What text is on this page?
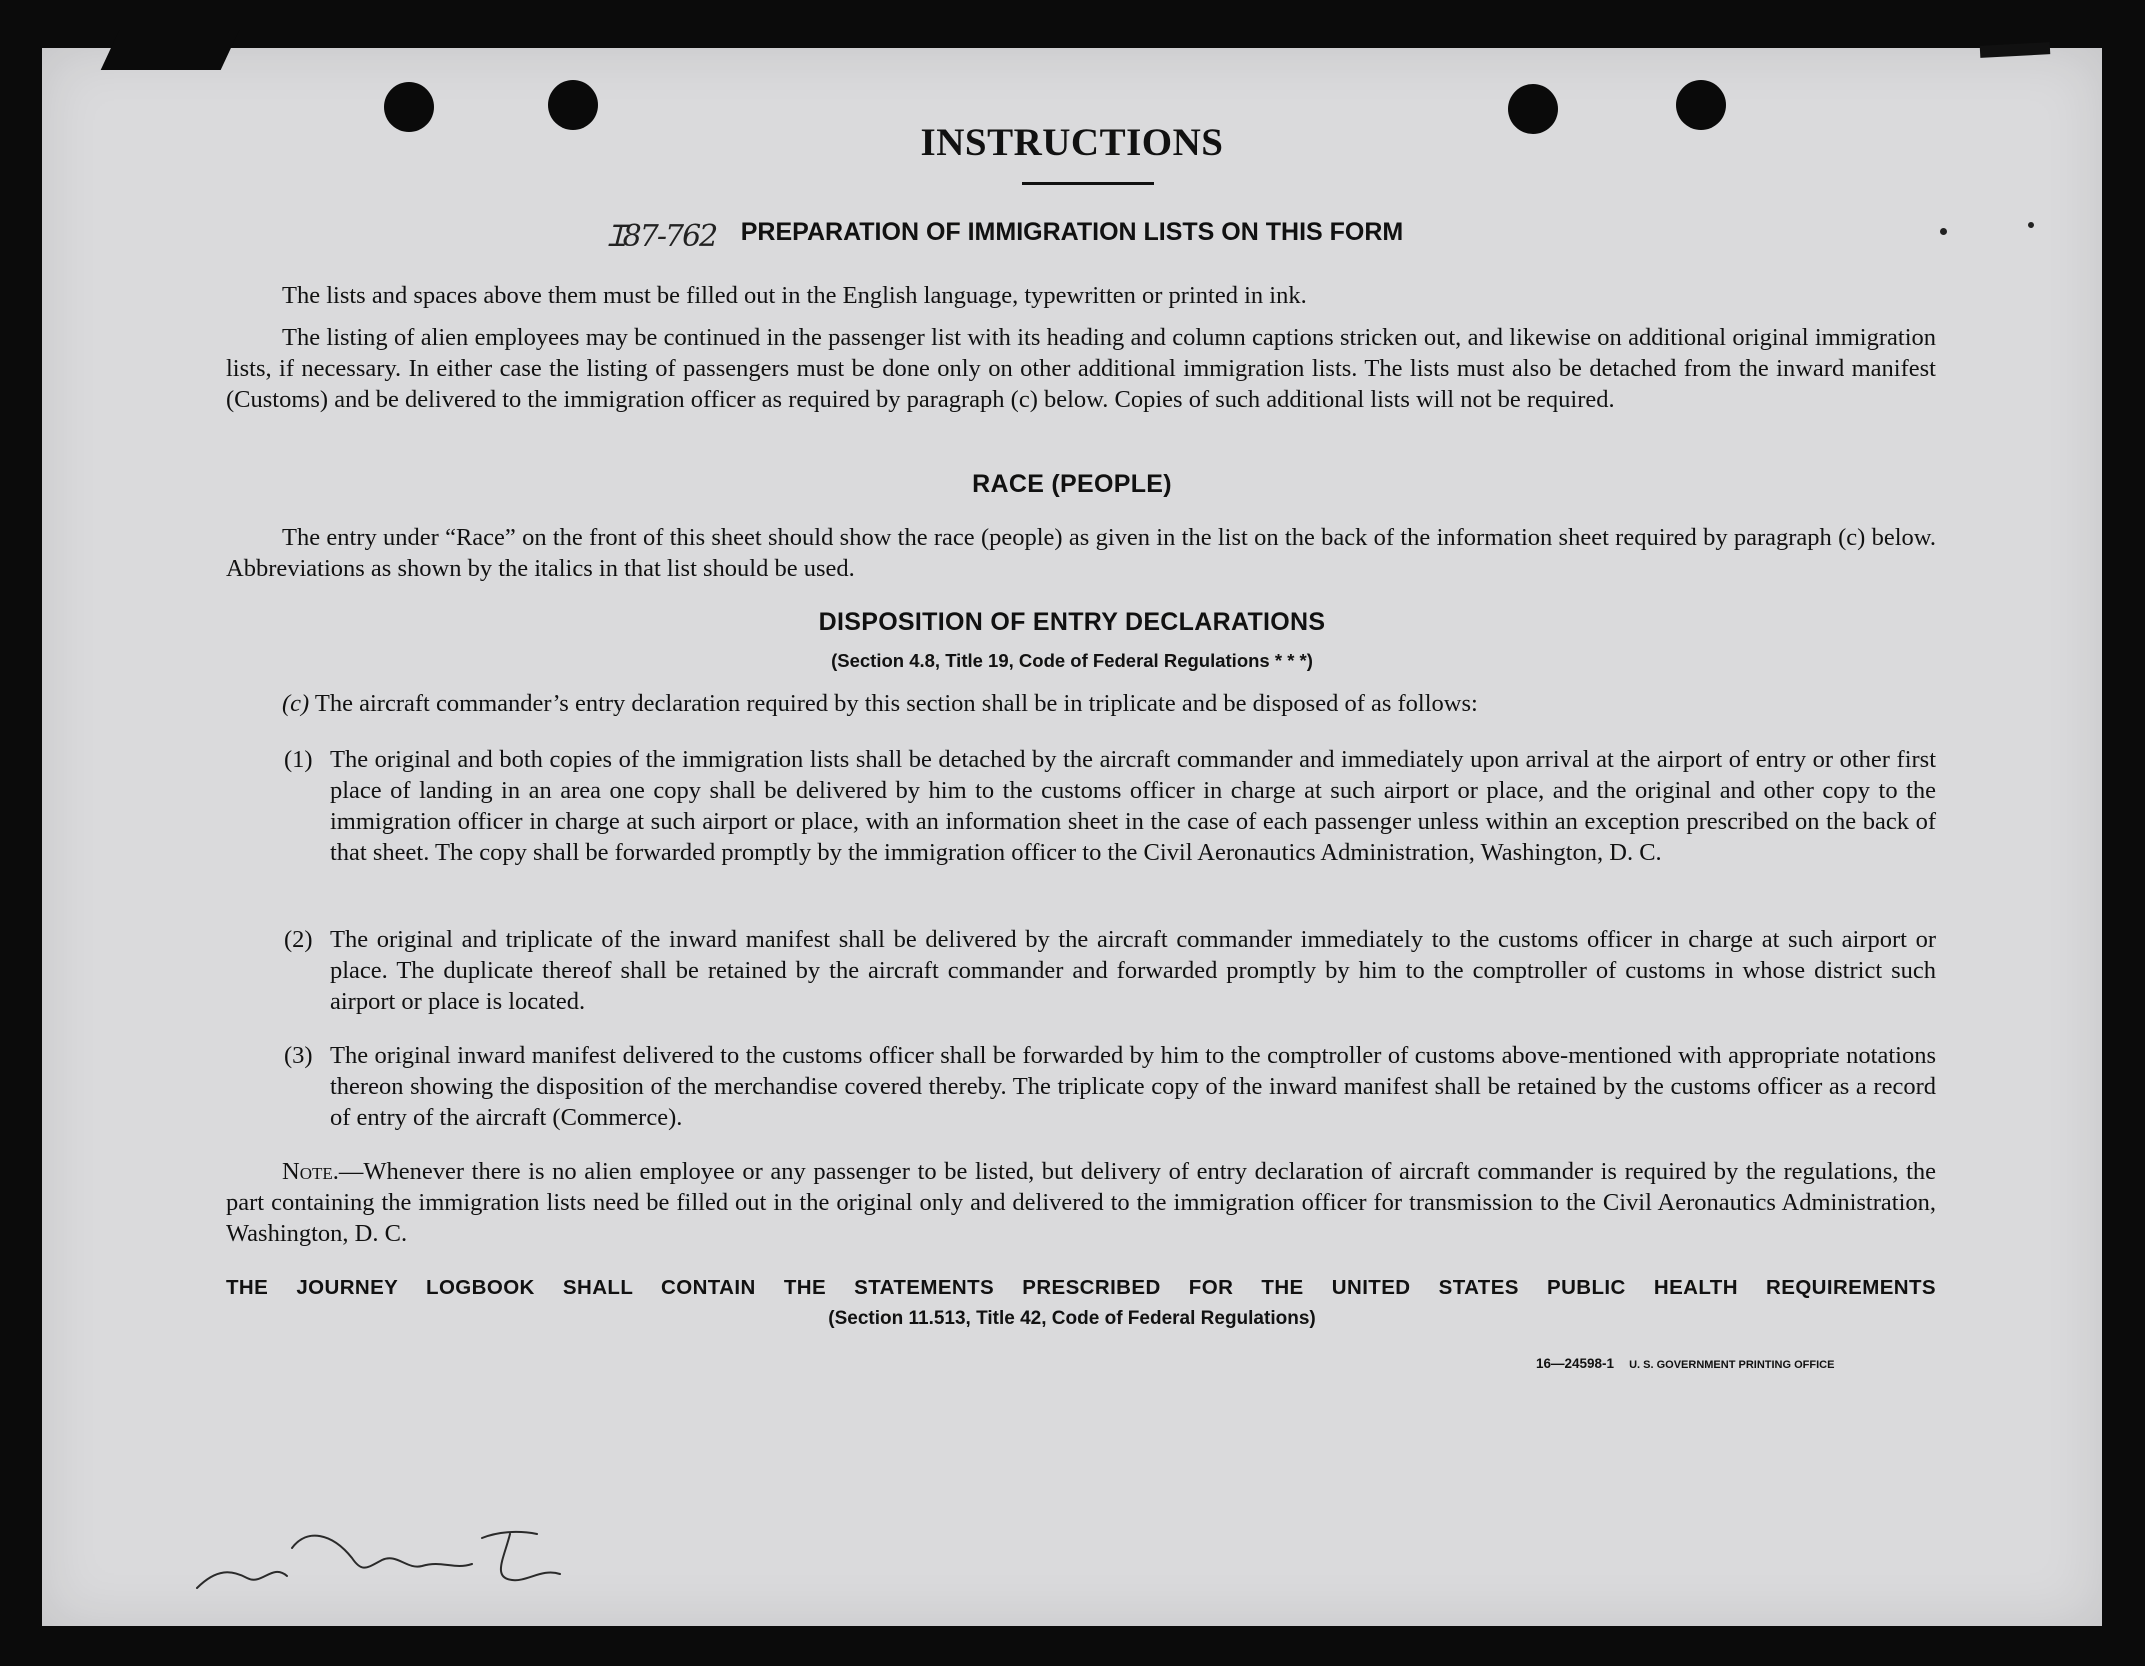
INSTRUCTIONS
Ɪ87-762 PREPARATION OF IMMIGRATION LISTS ON THIS FORM
The lists and spaces above them must be filled out in the English language, typewritten or printed in ink.
The listing of alien employees may be continued in the passenger list with its heading and column captions stricken out, and likewise on additional original immigration lists, if necessary. In either case the listing of passengers must be done only on other additional immigration lists. The lists must also be detached from the inward manifest (Customs) and be delivered to the immigration officer as required by paragraph (c) below. Copies of such additional lists will not be required.
RACE (PEOPLE)
The entry under “Race” on the front of this sheet should show the race (people) as given in the list on the back of the information sheet required by paragraph (c) below. Abbreviations as shown by the italics in that list should be used.
DISPOSITION OF ENTRY DECLARATIONS
(Section 4.8, Title 19, Code of Federal Regulations * * *)
(c) The aircraft commander’s entry declaration required by this section shall be in triplicate and be disposed of as follows:
(1) The original and both copies of the immigration lists shall be detached by the aircraft commander and immediately upon arrival at the airport of entry or other first place of landing in an area one copy shall be delivered by him to the customs officer in charge at such airport or place, and the original and other copy to the immigration officer in charge at such airport or place, with an information sheet in the case of each passenger unless within an exception prescribed on the back of that sheet. The copy shall be forwarded promptly by the immigration officer to the Civil Aeronautics Administration, Washington, D. C.
(2) The original and triplicate of the inward manifest shall be delivered by the aircraft commander immediately to the customs officer in charge at such airport or place. The duplicate thereof shall be retained by the aircraft commander and forwarded promptly by him to the comptroller of customs in whose district such airport or place is located.
(3) The original inward manifest delivered to the customs officer shall be forwarded by him to the comptroller of customs above-mentioned with appropriate notations thereon showing the disposition of the merchandise covered thereby. The triplicate copy of the inward manifest shall be retained by the customs officer as a record of entry of the aircraft (Commerce).
Note.—Whenever there is no alien employee or any passenger to be listed, but delivery of entry declaration of aircraft commander is required by the regulations, the part containing the immigration lists need be filled out in the original only and delivered to the immigration officer for transmission to the Civil Aeronautics Administration, Washington, D. C.
THE JOURNEY LOGBOOK SHALL CONTAIN THE STATEMENTS PRESCRIBED FOR THE UNITED STATES PUBLIC HEALTH REQUIREMENTS
(Section 11.513, Title 42, Code of Federal Regulations)
16—24598-1 U. S. GOVERNMENT PRINTING OFFICE
